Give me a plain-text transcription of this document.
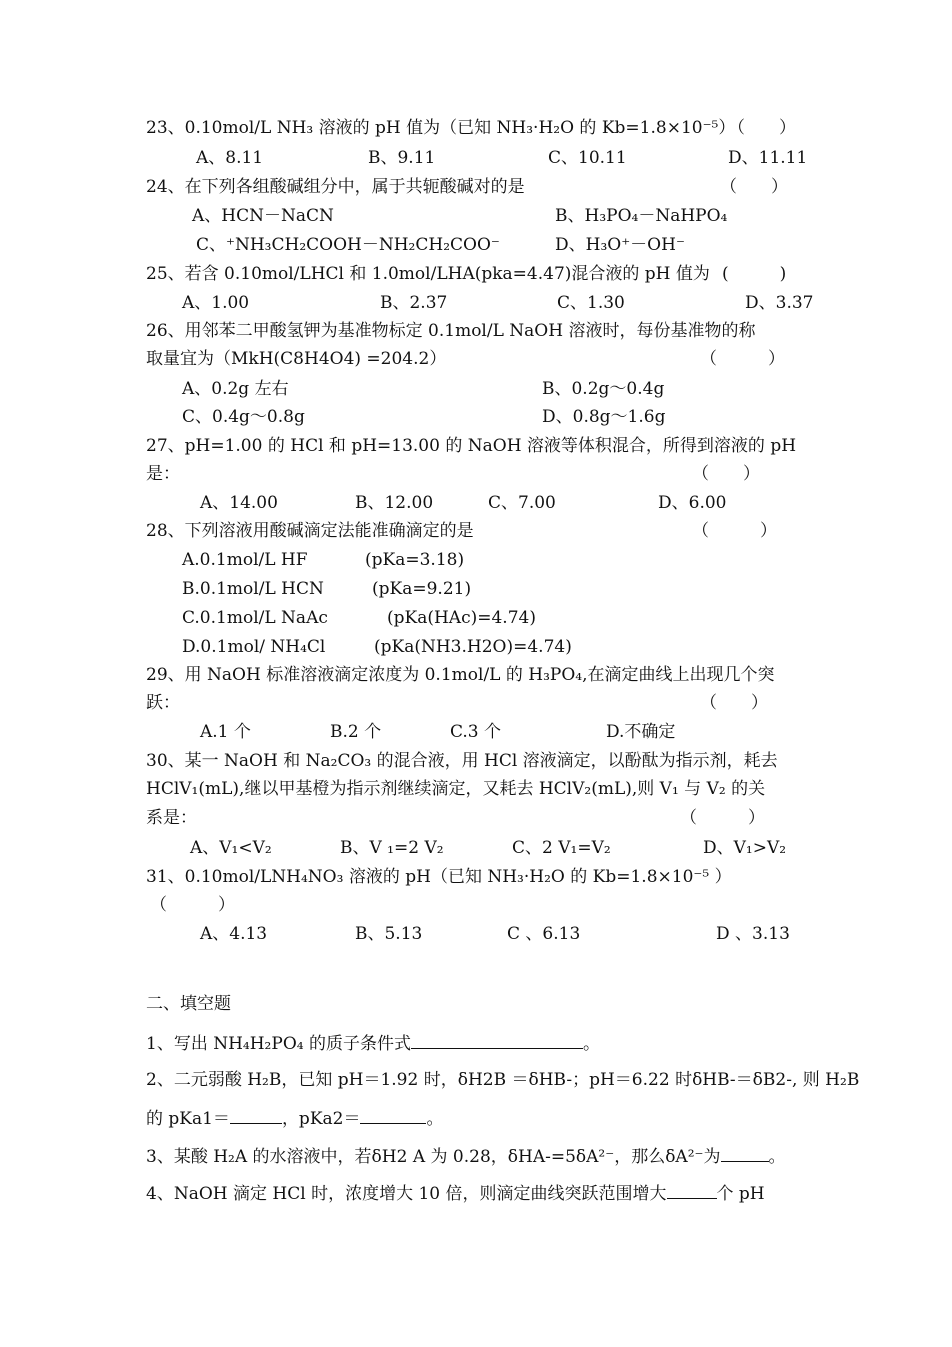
23、0.10mol/L NH₃ 溶液的 pH 值为（已知 NH₃·H₂O 的 Kb=1.8×10⁻⁵）
（　　）
A、8.11	B、9.11	C、10.11	D、11.11
24、在下列各组酸碱组分中，属于共轭酸碱对的是	（　　）
A、HCN－NaCN	B、H₃PO₄－NaHPO₄
C、⁺NH₃CH₂COOH－NH₂CH₂COO⁻	D、H₃O⁺－OH⁻
25、若含 0.10mol/LHCl 和 1.0mol/LHA(pka=4.47)混合液的 pH 值为 (　　　)
A、1.00	B、2.37	C、1.30	D、3.37
26、用邻苯二甲酸氢钾为基准物标定 0.1mol/L NaOH 溶液时，每份基准物的称
取量宜为（MkH(C8H4O4) =204.2）	（　　　）
A、0.2g 左右	B、0.2g～0.4g
C、0.4g～0.8g	D、0.8g～1.6g
27、pH=1.00 的 HCl 和 pH=13.00 的 NaOH 溶液等体积混合，所得到溶液的 pH
是：	（　　）
A、14.00	B、12.00	C、7.00	D、6.00
28、下列溶液用酸碱滴定法能准确滴定的是	（　　　）
A.0.1mol/L HF	(pKa=3.18)
B.0.1mol/L HCN	(pKa=9.21)
C.0.1mol/L NaAc	(pKa(HAc)=4.74)
D.0.1mol/ NH₄Cl	(pKa(NH3.H2O)=4.74)
29、用 NaOH 标准溶液滴定浓度为 0.1mol/L 的 H₃PO₄,在滴定曲线上出现几个突
跃：	（　　）
A.1 个	B.2 个	C.3 个	D.不确定
30、某一 NaOH 和 Na₂CO₃ 的混合液，用 HCl 溶液滴定，以酚酞为指示剂，耗去
HClV₁(mL),继以甲基橙为指示剂继续滴定，又耗去 HClV₂(mL),则 V₁ 与 V₂ 的关
系是：	（　　　）
A、V₁<V₂	B、V ₁=2 V₂	C、2 V₁=V₂	D、V₁>V₂
31、0.10mol/LNH₄NO₃ 溶液的 pH（已知 NH₃·H₂O 的 Kb=1.8×10⁻⁵ ）
（　　　）
A、4.13	B、5.13	C 、6.13	D 、3.13
二、填空题
1、写出 NH₄H₂PO₄ 的质子条件式	。
2、二元弱酸 H₂B，已知 pH＝1.92 时，δH2B ＝δHB-；pH＝6.22 时δHB-＝δB2-, 则 H₂B
的 pKa1＝	，pKa2＝	。
3、某酸 H₂A 的水溶液中，若δH2 A 为 0.28，δHA-=5δA²⁻，那么δA²⁻为	。
4、NaOH 滴定 HCl 时，浓度增大 10 倍，则滴定曲线突跃范围增大	个 pH
